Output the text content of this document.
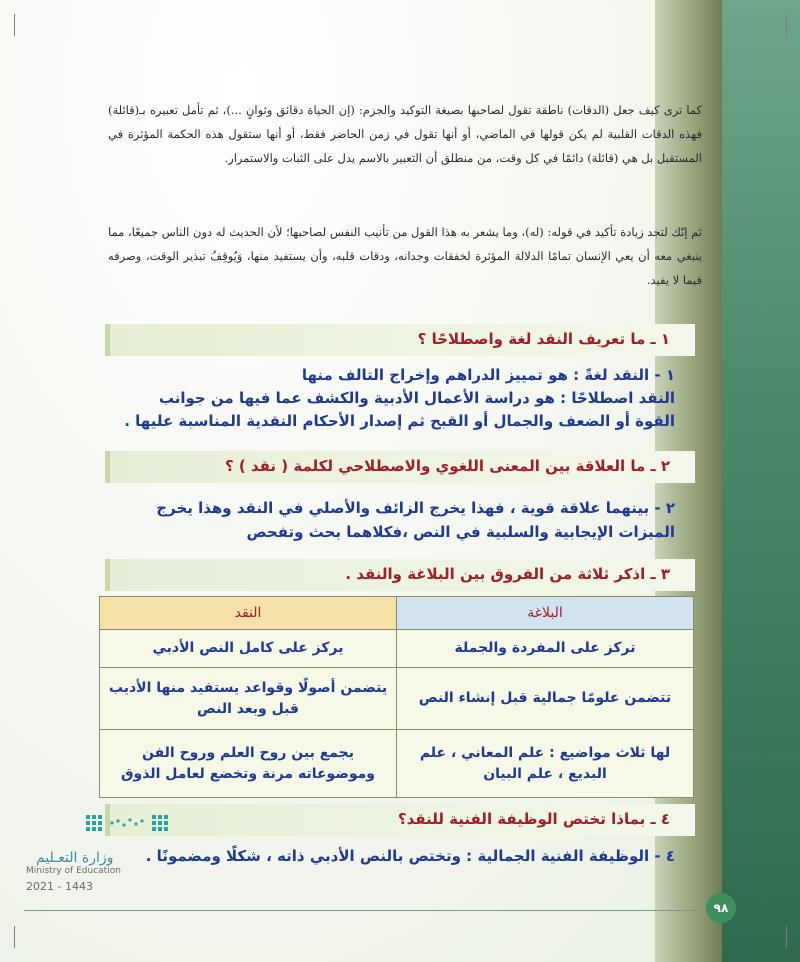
كما ترى كيف جعل (الدقات) ناطقة تقول لصاحبها بصيغة التوكيد والجزم: (إن الحياة دقائق وثوانٍ ...)، ثم تأمل تعبيره بـ(قائلة) فهذه الدقات القلبية لم يكن قولها في الماضي، أو أنها تقول في زمن الحاضر فقط، أو أنها ستقول هذه الحكمة المؤثرة في المستقبل بل هي (قائلة) دائمًا في كل وقت، من منطلق أن التعبير بالاسم يدل على الثبات والاستمرار.

ثم إنّك لتجد زيادة تأكيد في قوله: (له)، وما يشعر به هذا القول من تأنيب النفس لصاحبها؛ لأن الحديث له دون الناس جميعًا، مما ينبغي معه أن يعي الإنسان تمامًا الدلالة المؤثرة لخفقات وجدانه، ودقات قلبه، وأن يستفيد منها، وَيُوقِفُ تبذير الوقت، وصرفه فيما لا يفيد.

١ ـ ما تعريف النقد لغة واصطلاحًا ؟
١ - النقد لغةً : هو تمييز الدراهم وإخراج التالف منها
النقد اصطلاحًا : هو دراسة الأعمال الأدبية والكشف عما فيها من جوانب
القوة أو الضعف والجمال أو القبح ثم إصدار الأحكام النقدية المناسبة عليها .
٢ ـ ما العلاقة بين المعنى اللغوي والاصطلاحي لكلمة ( نقد ) ؟
٢ - بينهما علاقة قوية ، فهذا يخرج الزائف والأصلي في النقد وهذا يخرج
الميزات الإيجابية والسلبية في النص ،فكلاهما بحث وتفحص
٣ ـ اذكر ثلاثة من الفروق بين البلاغة والنقد .
البلاغة	النقد
تركز على المفردة والجملة	يركز على كامل النص الأدبي
تتضمن علومًا جمالية قبل إنشاء النص	يتضمن أصولًا وقواعد يستفيد منها الأديب قبل وبعد النص
لها ثلاث مواضيع : علم المعاني ، علم البديع ، علم البيان	يجمع بين روح العلم وروح الفن وموضوعاته مرنة وتخضع لعامل الذوق
٤ ـ بماذا تختص الوظيفة الفنية للنقد؟
٤ - الوظيفة الفنية الجمالية : وتختص بالنص الأدبي ذاته ، شكلًا ومضمونًا .
وزارة التعـليم
Ministry of Education
2021 - 1443
٩٨
